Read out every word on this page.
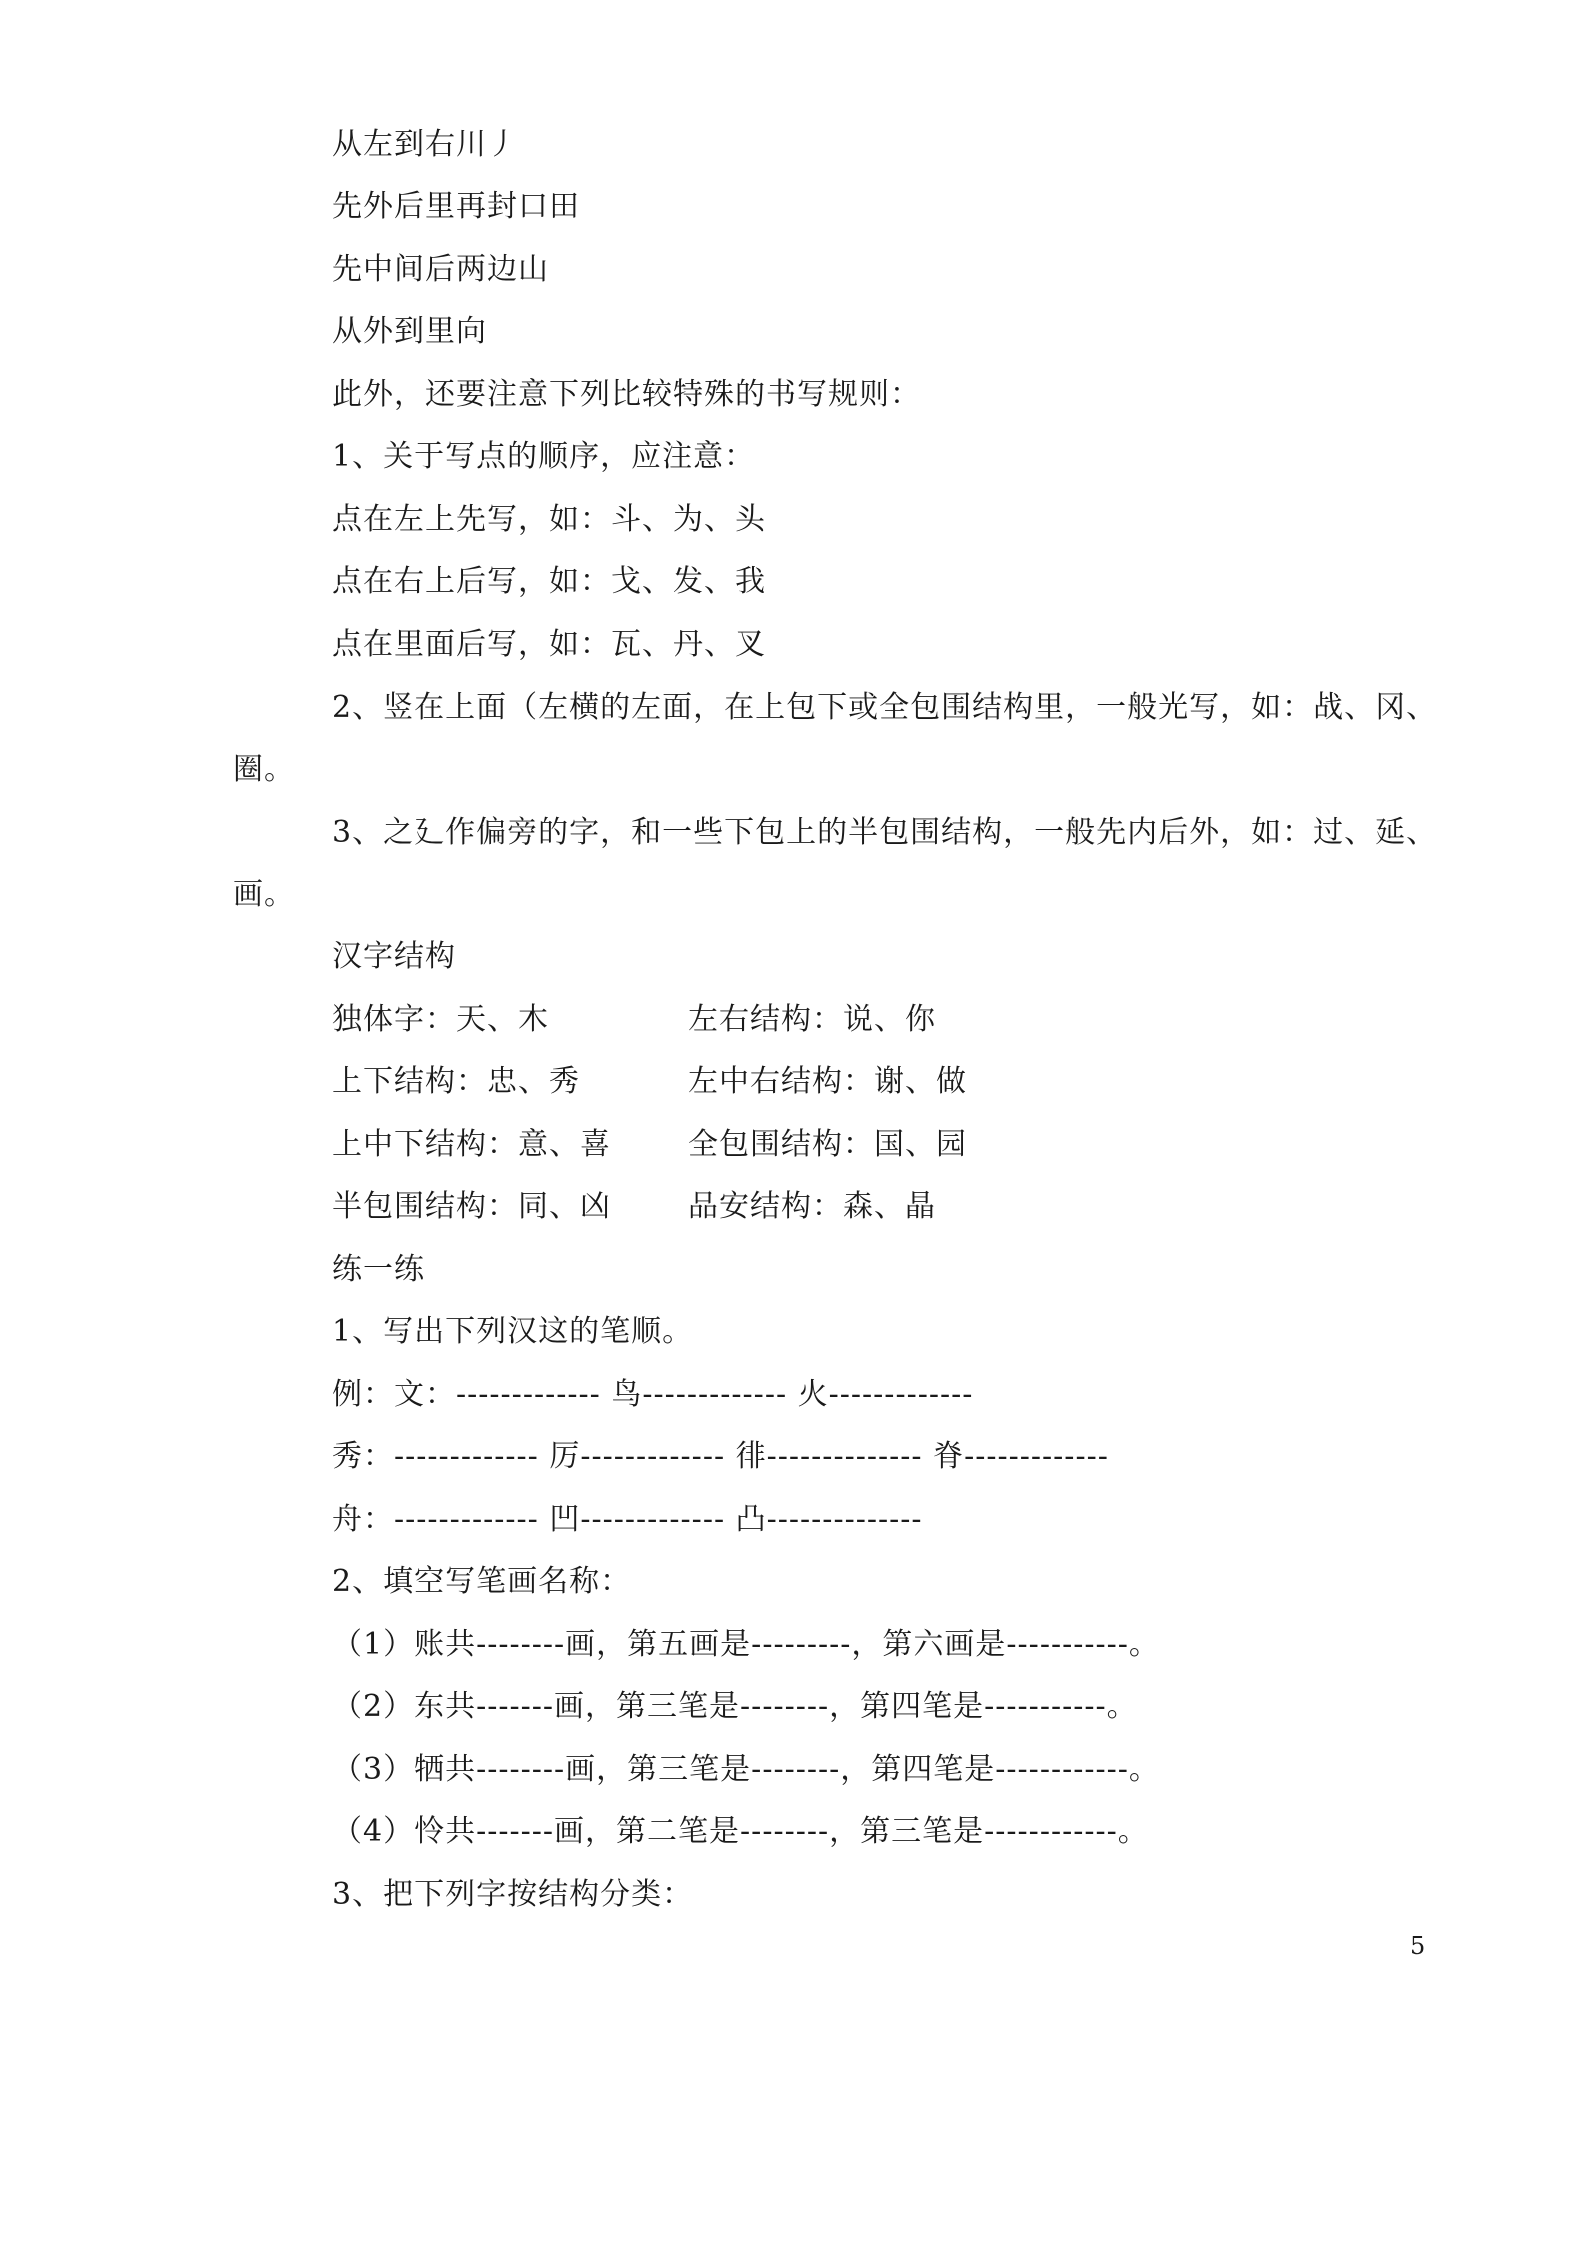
从左到右川丿
先外后里再封口田
先中间后两边山
从外到里向
此外，还要注意下列比较特殊的书写规则：
1、关于写点的顺序，应注意：
点在左上先写，如：斗、为、头
点在右上后写，如：戈、发、我
点在里面后写，如：瓦、丹、叉
2、竖在上面（左横的左面，在上包下或全包围结构里，一般光写，如：战、冈、
圈。
3、之廴作偏旁的字，和一些下包上的半包围结构，一般先内后外，如：过、延、
画。
汉字结构
独体字：天、木	左右结构：说、你
上下结构：忠、秀	左中右结构：谢、做
上中下结构：意、喜	全包围结构：国、园
半包围结构：同、凶	品安结构：森、晶
练一练
1、写出下列汉这的笔顺。
例：文：------------- 鸟------------- 火-------------
秀：------------- 厉------------- 徘-------------- 脊-------------
舟：------------- 凹------------- 凸--------------
2、填空写笔画名称：
（1）账共--------画，第五画是---------，第六画是-----------。
（2）东共-------画，第三笔是--------，第四笔是-----------。
（3）牺共--------画，第三笔是--------，第四笔是------------。
（4）怜共-------画，第二笔是--------，第三笔是------------。
3、把下列字按结构分类：
5
